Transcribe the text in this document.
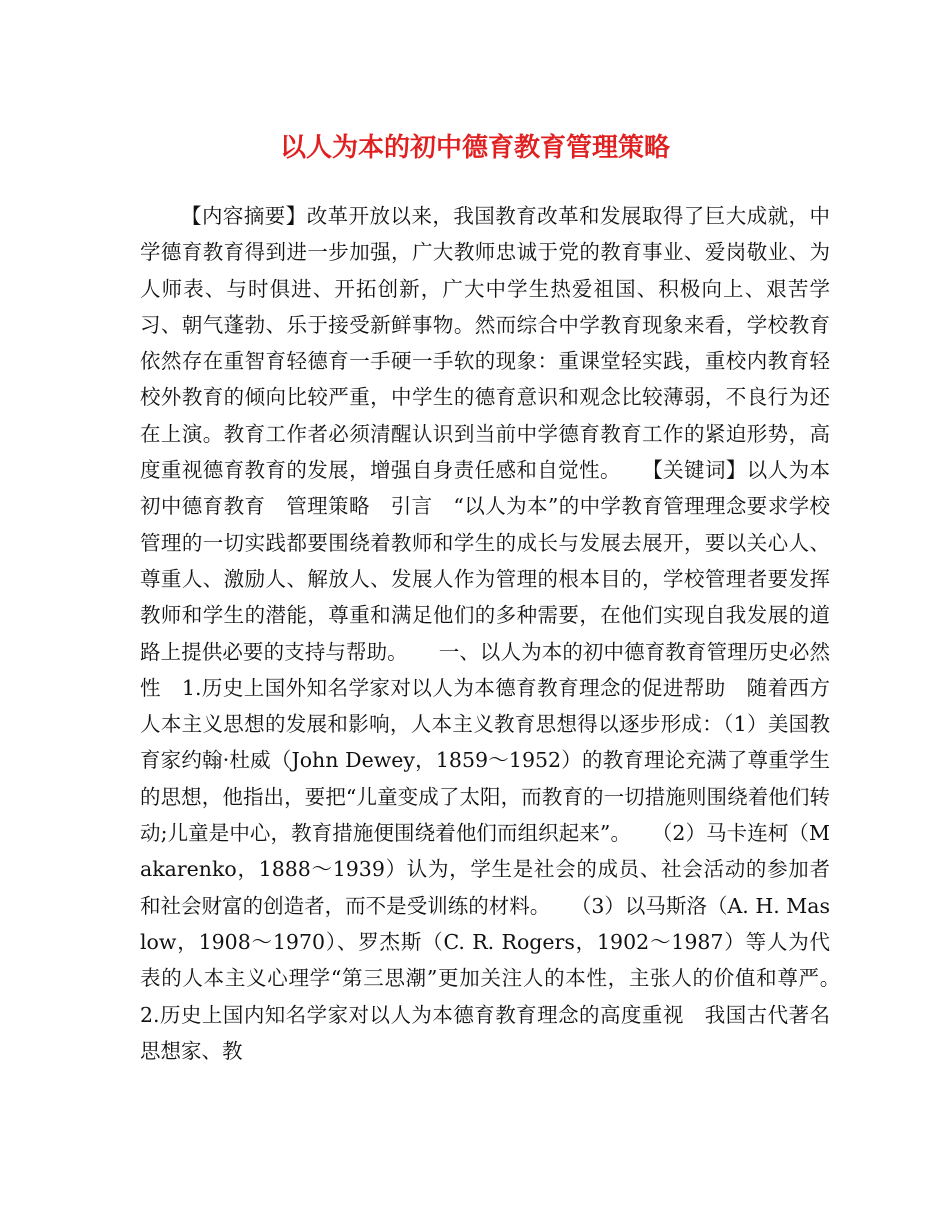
以人为本的初中德育教育管理策略

【内容摘要】改革开放以来，我国教育改革和发展取得了巨大成就，中学德育教育得到进一步加强，广大教师忠诚于党的教育事业、爱岗敬业、为人师表、与时俱进、开拓创新，广大中学生热爱祖国、积极向上、艰苦学习、朝气蓬勃、乐于接受新鲜事物。然而综合中学教育现象来看，学校教育依然存在重智育轻德育一手硬一手软的现象：重课堂轻实践，重校内教育轻校外教育的倾向比较严重，中学生的德育意识和观念比较薄弱，不良行为还在上演。教育工作者必须清醒认识到当前中学德育教育工作的紧迫形势，高度重视德育教育的发展，增强自身责任感和自觉性。　　【关键词】以人为本　初中德育教育　管理策略　引言　“以人为本”的中学教育管理理念要求学校管理的一切实践都要围绕着教师和学生的成长与发展去展开，要以关心人、尊重人、激励人、解放人、发展人作为管理的根本目的，学校管理者要发挥教师和学生的潜能，尊重和满足他们的多种需要，在他们实现自我发展的道路上提供必要的支持与帮助。　　一、以人为本的初中德育教育管理历史必然性　1.历史上国外知名学家对以人为本德育教育理念的促进帮助　随着西方人本主义思想的发展和影响，人本主义教育思想得以逐步形成：（1）美国教育家约翰·杜威（John Dewey，1859～1952）的教育理论充满了尊重学生的思想，他指出，要把“儿童变成了太阳，而教育的一切措施则围绕着他们转动;儿童是中心，教育措施便围绕着他们而组织起来”。　　（2）马卡连柯（Makarenko，1888～1939）认为，学生是社会的成员、社会活动的参加者和社会财富的创造者，而不是受训练的材料。　　（3）以马斯洛（A. H. Maslow，1908～1970）、罗杰斯（C. R. Rogers，1902～1987）等人为代表的人本主义心理学“第三思潮”更加关注人的本性，主张人的价值和尊严。　　2.历史上国内知名学家对以人为本德育教育理念的高度重视　我国古代著名思想家、教
